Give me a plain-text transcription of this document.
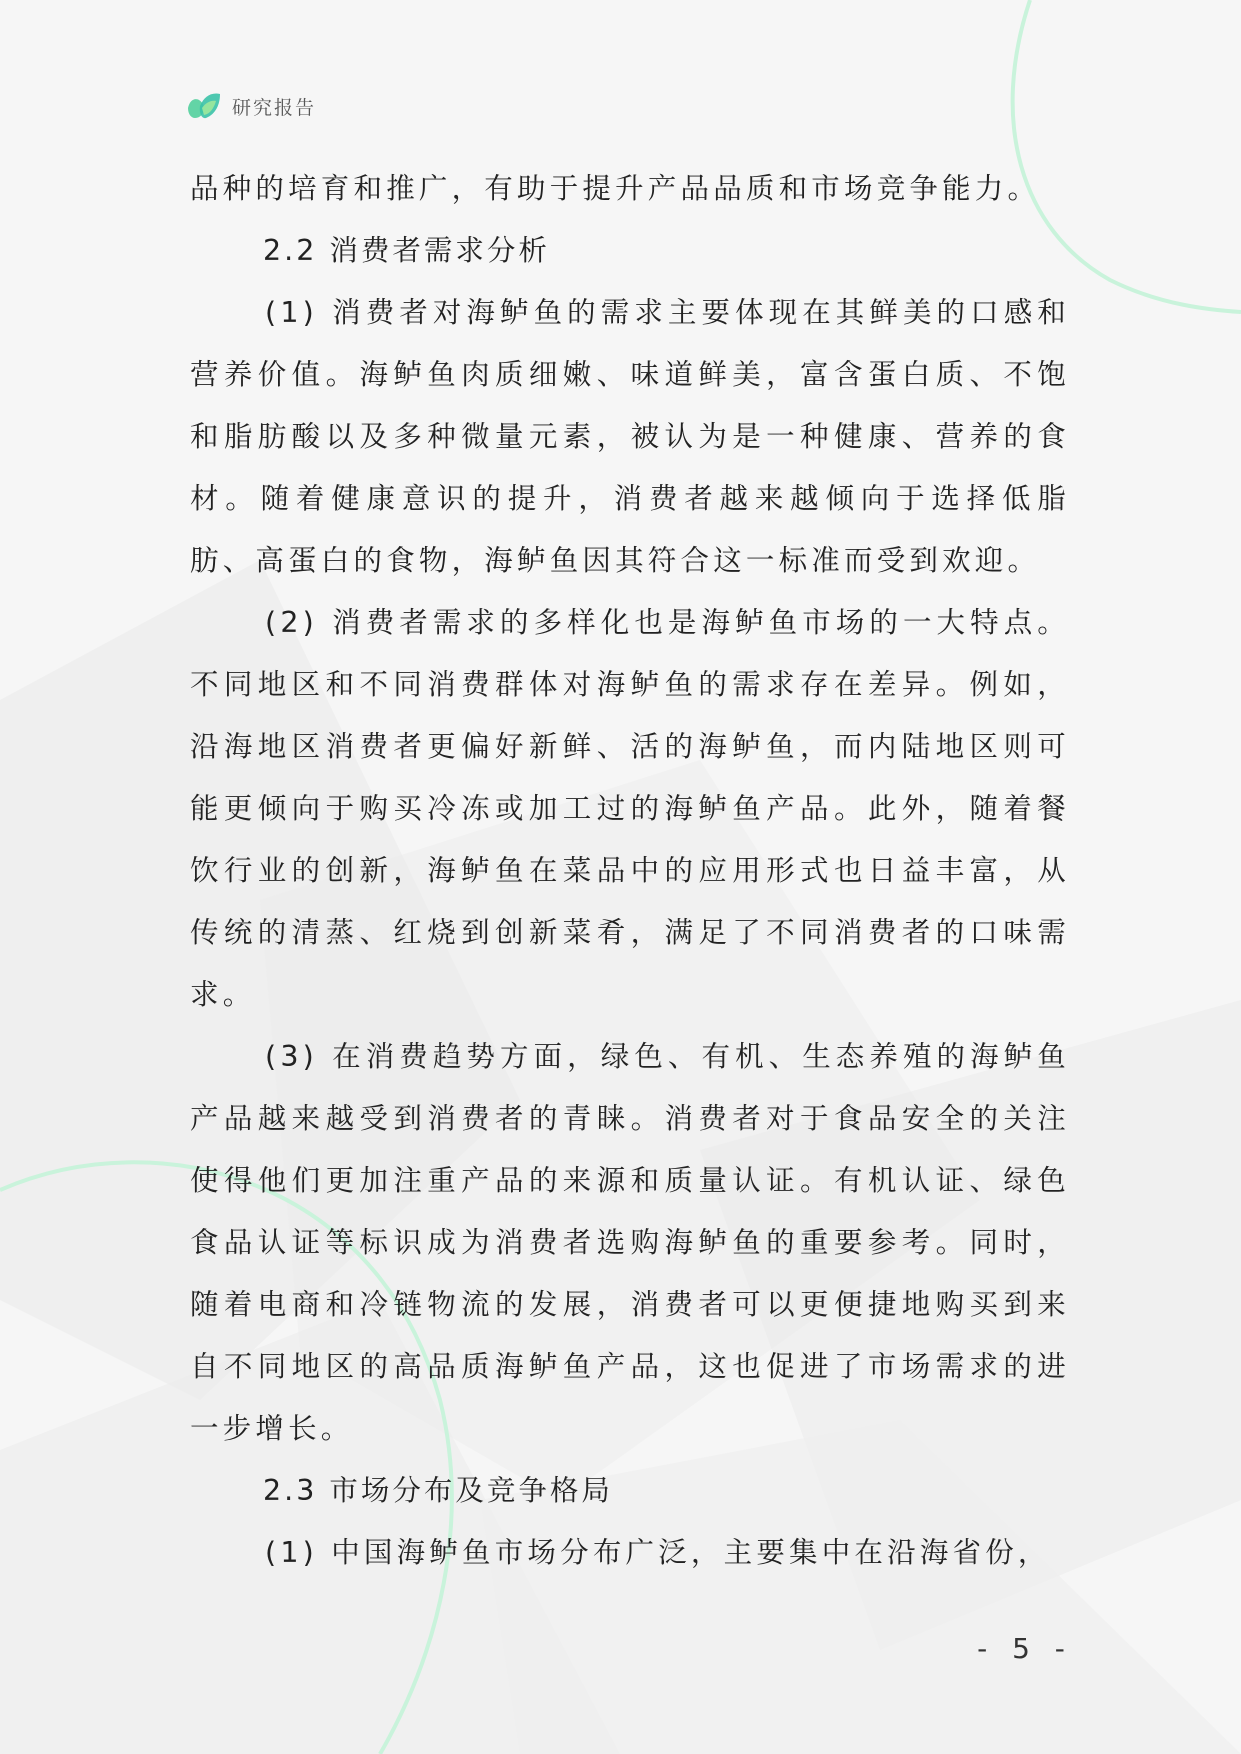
研究报告

品种的培育和推广，有助于提升产品品质和市场竞争能力。

2.2 消费者需求分析

(1) 消费者对海鲈鱼的需求主要体现在其鲜美的口感和营养价值。海鲈鱼肉质细嫩、味道鲜美，富含蛋白质、不饱和脂肪酸以及多种微量元素，被认为是一种健康、营养的食材。随着健康意识的提升，消费者越来越倾向于选择低脂肪、高蛋白的食物，海鲈鱼因其符合这一标准而受到欢迎。

(2) 消费者需求的多样化也是海鲈鱼市场的一大特点。不同地区和不同消费群体对海鲈鱼的需求存在差异。例如，沿海地区消费者更偏好新鲜、活的海鲈鱼，而内陆地区则可能更倾向于购买冷冻或加工过的海鲈鱼产品。此外，随着餐饮行业的创新，海鲈鱼在菜品中的应用形式也日益丰富，从传统的清蒸、红烧到创新菜肴，满足了不同消费者的口味需求。

(3) 在消费趋势方面，绿色、有机、生态养殖的海鲈鱼产品越来越受到消费者的青睐。消费者对于食品安全的关注使得他们更加注重产品的来源和质量认证。有机认证、绿色食品认证等标识成为消费者选购海鲈鱼的重要参考。同时，随着电商和冷链物流的发展，消费者可以更便捷地购买到来自不同地区的高品质海鲈鱼产品，这也促进了市场需求的进一步增长。

2.3 市场分布及竞争格局

(1) 中国海鲈鱼市场分布广泛，主要集中在沿海省份，

- 5 -
